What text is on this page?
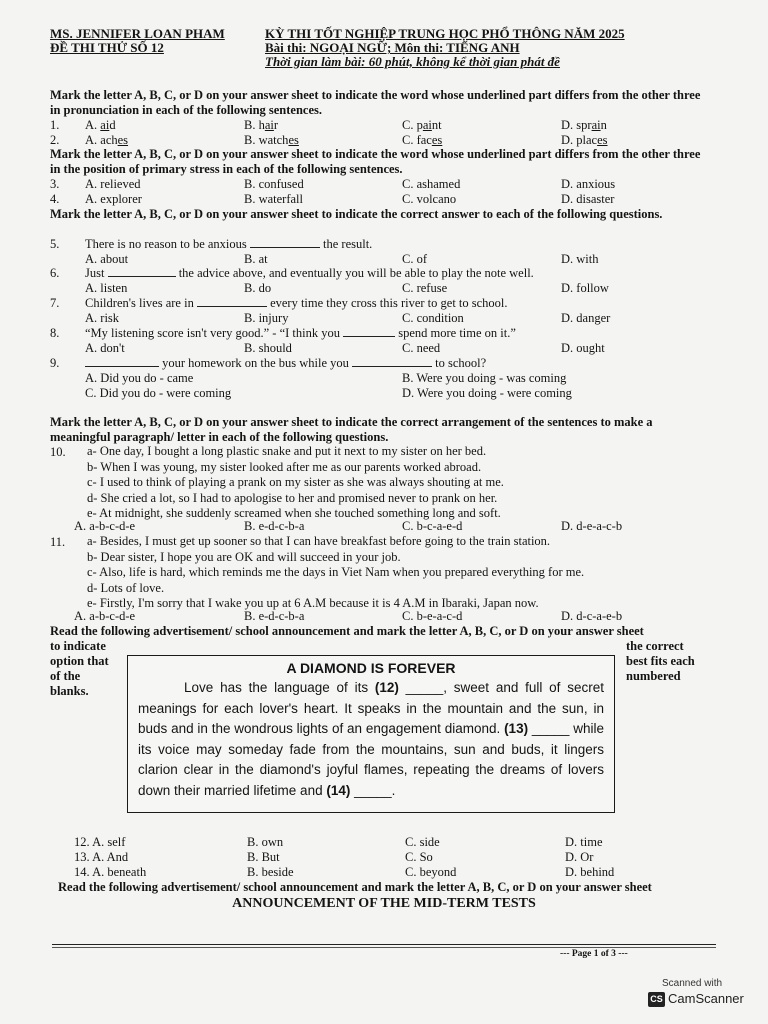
MS. JENNIFER LOAN PHAM
ĐỀ THI THỬ SỐ 12
KỲ THI TỐT NGHIỆP TRUNG HỌC PHỔ THÔNG NĂM 2025
Bài thi: NGOẠI NGỮ; Môn thi: TIẾNG ANH
Thời gian làm bài: 60 phút, không kể thời gian phát đề
Mark the letter A, B, C, or D on your answer sheet to indicate the word whose underlined part differs from the other three in pronunciation in each of the following sentences.
1. A. aid	B. hair	C. paint	D. sprain
2. A. aches	B. watches	C. faces	D. places
Mark the letter A, B, C, or D on your answer sheet to indicate the word whose underlined part differs from the other three in the position of primary stress in each of the following sentences.
3. A. relieved	B. confused	C. ashamed	D. anxious
4. A. explorer	B. waterfall	C. volcano	D. disaster
Mark the letter A, B, C, or D on your answer sheet to indicate the correct answer to each of the following questions.
5. There is no reason to be anxious	the result.
A. about	B. at	C. of	D. with
6. Just	the advice above, and eventually you will be able to play the note well.
A. listen	B. do	C. refuse	D. follow
7. Children's lives are in	every time they cross this river to get to school.
A. risk	B. injury	C. condition	D. danger
8. “My listening score isn't very good.” - “I think you	spend more time on it.”
A. don't	B. should	C. need	D. ought
9.	your homework on the bus while you	to school?
A. Did you do - came	B. Were you doing - was coming
C. Did you do - were coming	D. Were you doing - were coming
Mark the letter A, B, C, or D on your answer sheet to indicate the correct arrangement of the sentences to make a meaningful paragraph/ letter in each of the following questions.
10. a- One day, I bought a long plastic snake and put it next to my sister on her bed.
b- When I was young, my sister looked after me as our parents worked abroad.
c- I used to think of playing a prank on my sister as she was always shouting at me.
d- She cried a lot, so I had to apologise to her and promised never to prank on her.
e- At midnight, she suddenly screamed when she touched something long and soft.
A. a-b-c-d-e	B. e-d-c-b-a	C. b-c-a-e-d	D. d-e-a-c-b
11. a- Besides, I must get up sooner so that I can have breakfast before going to the train station.
b- Dear sister, I hope you are OK and will succeed in your job.
c- Also, life is hard, which reminds me the days in Viet Nam when you prepared everything for me.
d- Lots of love.
e- Firstly, I'm sorry that I wake you up at 6 A.M because it is 4 A.M in Ibaraki, Japan now.
A. a-b-c-d-e	B. e-d-c-b-a	C. b-e-a-c-d	D. d-c-a-e-b
Read the following advertisement/ school announcement and mark the letter A, B, C, or D on your answer sheet
to indicate
option that
of the
blanks.
the correct
best fits each
numbered
A DIAMOND IS FOREVER

Love has the language of its (12) _____, sweet and full of secret meanings for each lover's heart. It speaks in the mountain and the sun, in buds and in the wondrous lights of an engagement diamond. (13) _____ while its voice may someday fade from the mountains, sun and buds, it lingers clarion clear in the diamond's joyful flames, repeating the dreams of lovers down their married lifetime and (14) _____.

12. A. self	B. own	C. side	D. time
13. A. And	B. But	C. So	D. Or
14. A. beneath	B. beside	C. beyond	D. behind
Read the following advertisement/ school announcement and mark the letter A, B, C, or D on your answer sheet
ANNOUNCEMENT OF THE MID-TERM TESTS
--- Page 1 of 3 ---
Scanned with
CS CamScanner
